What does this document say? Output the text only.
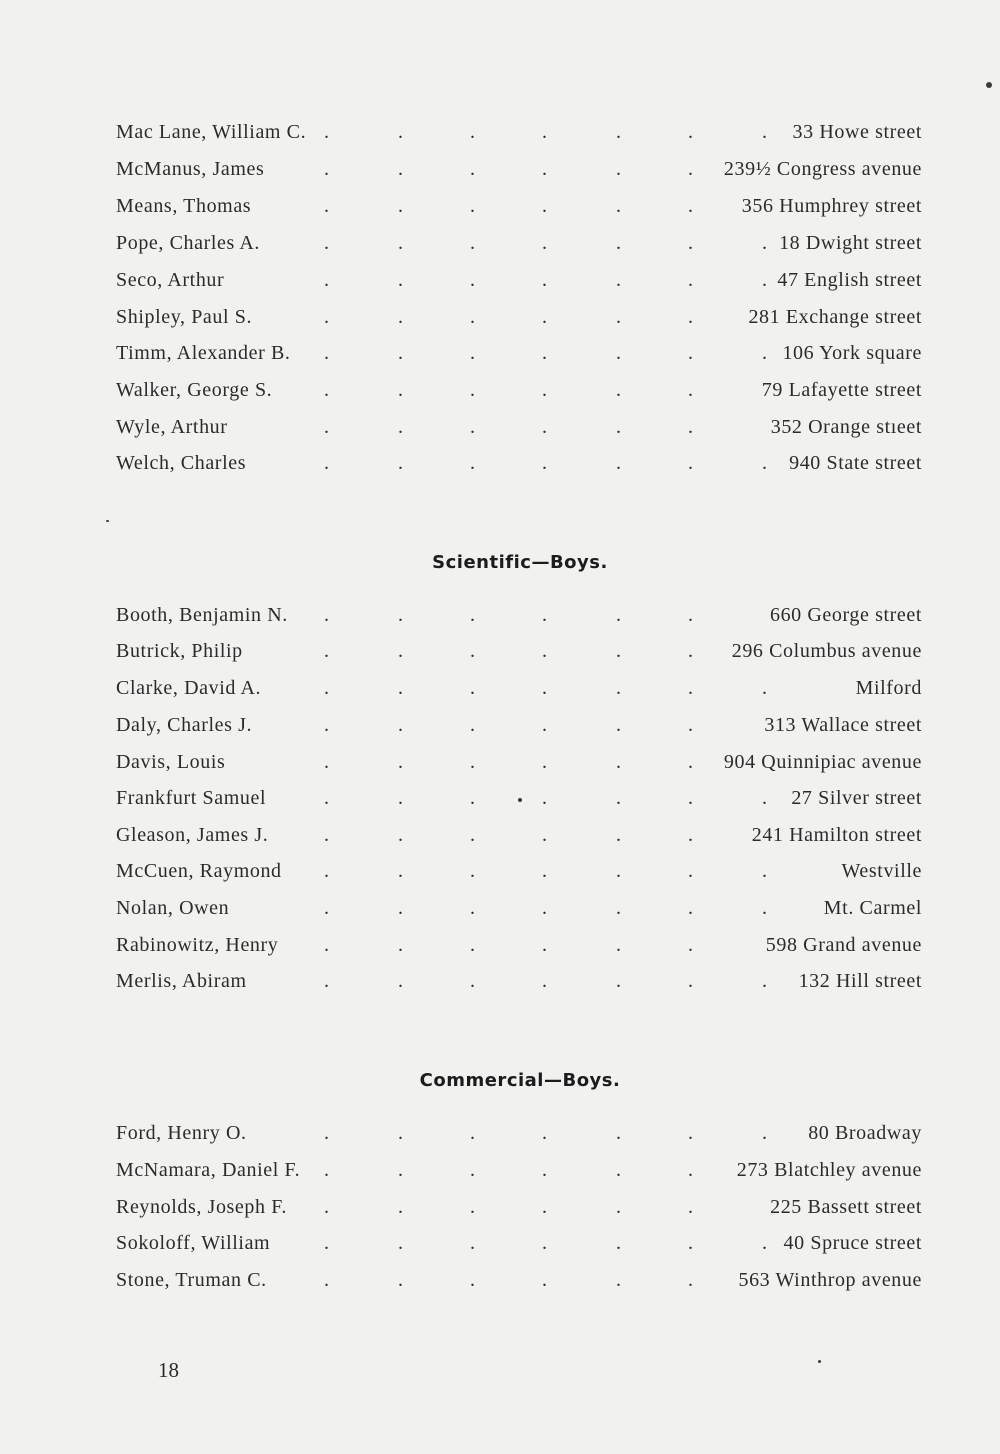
Mac Lane, William C.	33 Howe street
.	.	.	.	.	.	.
McManus, James	239½ Congress avenue
.	.	.	.	.	.
Means, Thomas	356 Humphrey street
.	.	.	.	.	.
Pope, Charles A.	18 Dwight street
.	.	.	.	.	.	.
Seco, Arthur	47 English street
.	.	.	.	.	.	.
Shipley, Paul S.	281 Exchange street
.	.	.	.	.	.
Timm, Alexander B.	106 York square
.	.	.	.	.	.	.
Walker, George S.	79 Lafayette street
.	.	.	.	.	.
Wyle, Arthur	352 Orange stıeet
.	.	.	.	.	.
Welch, Charles	940 State street
.	.	.	.	.	.	.
Scientific—Boys.
Booth, Benjamin N.	660 George street
.	.	.	.	.	.
Butrick, Philip	296 Columbus avenue
.	.	.	.	.	.
Clarke, David A.	Milford
.	.	.	.	.	.	.
Daly, Charles J.	313 Wallace street
.	.	.	.	.	.
Davis, Louis	904 Quinnipiac avenue
.	.	.	.	.	.
Frankfurt Samuel	27 Silver street
.	.	.	.	.	.	.
Gleason, James J.	241 Hamilton street
.	.	.	.	.	.
McCuen, Raymond	Westville
.	.	.	.	.	.	.
Nolan, Owen	Mt. Carmel
.	.	.	.	.	.	.
Rabinowitz, Henry	598 Grand avenue
.	.	.	.	.	.
Merlis, Abiram	132 Hill street
.	.	.	.	.	.	.
Commercial—Boys.
Ford, Henry O.	80 Broadway
.	.	.	.	.	.	.
McNamara, Daniel F.	273 Blatchley avenue
.	.	.	.	.	.
Reynolds, Joseph F.	225 Bassett street
.	.	.	.	.	.
Sokoloff, William	40 Spruce street
.	.	.	.	.	.	.
Stone, Truman C.	563 Winthrop avenue
.	.	.	.	.	.
18
